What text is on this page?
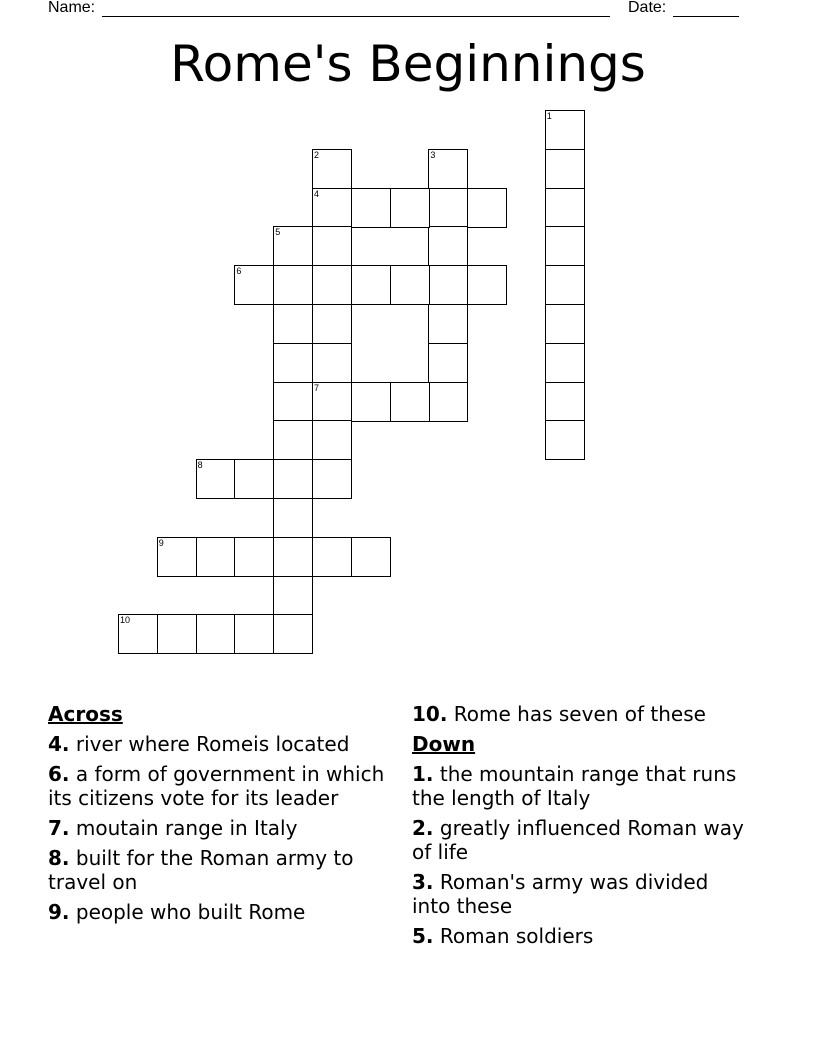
Name:	Date:
Rome's Beginnings
1
2
4
7
3
5
6
8
9
10
Across
4. river where Romeis located
6. a form of government in which its citizens vote for its leader
7. moutain range in Italy
8. built for the Roman army to travel on
9. people who built Rome
10. Rome has seven of these
Down
1. the mountain range that runs the length of Italy
2. greatly influenced Roman way of life
3. Roman's army was divided into these
5. Roman soldiers
